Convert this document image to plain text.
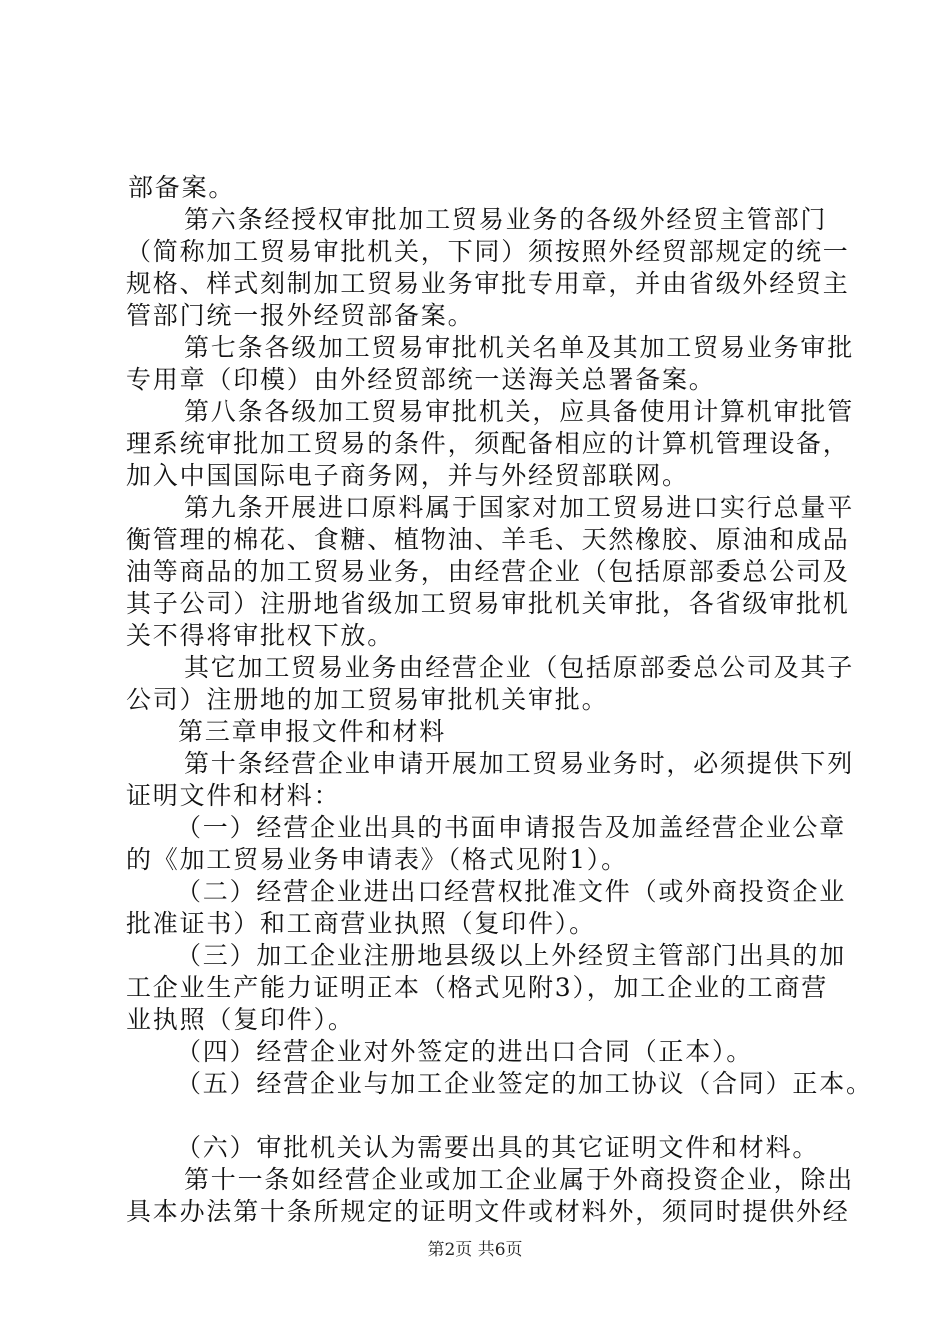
部备案。
第六条经授权审批加工贸易业务的各级外经贸主管部门
（简称加工贸易审批机关，下同）须按照外经贸部规定的统一
规格、样式刻制加工贸易业务审批专用章，并由省级外经贸主
管部门统一报外经贸部备案。
第七条各级加工贸易审批机关名单及其加工贸易业务审批
专用章（印模）由外经贸部统一送海关总署备案。
第八条各级加工贸易审批机关，应具备使用计算机审批管
理系统审批加工贸易的条件，须配备相应的计算机管理设备，
加入中国国际电子商务网，并与外经贸部联网。
第九条开展进口原料属于国家对加工贸易进口实行总量平
衡管理的棉花、食糖、植物油、羊毛、天然橡胶、原油和成品
油等商品的加工贸易业务，由经营企业（包括原部委总公司及
其子公司）注册地省级加工贸易审批机关审批，各省级审批机
关不得将审批权下放。
其它加工贸易业务由经营企业（包括原部委总公司及其子
公司）注册地的加工贸易审批机关审批。
第三章申报文件和材料
第十条经营企业申请开展加工贸易业务时，必须提供下列
证明文件和材料：
（一）经营企业出具的书面申请报告及加盖经营企业公章
的《加工贸易业务申请表》（格式见附1）。
（二）经营企业进出口经营权批准文件（或外商投资企业
批准证书）和工商营业执照（复印件）。
（三）加工企业注册地县级以上外经贸主管部门出具的加
工企业生产能力证明正本（格式见附3），加工企业的工商营
业执照（复印件）。
（四）经营企业对外签定的进出口合同（正本）。
（五）经营企业与加工企业签定的加工协议（合同）正本。
（六）审批机关认为需要出具的其它证明文件和材料。
第十一条如经营企业或加工企业属于外商投资企业，除出
具本办法第十条所规定的证明文件或材料外，须同时提供外经
第2页 共6页
